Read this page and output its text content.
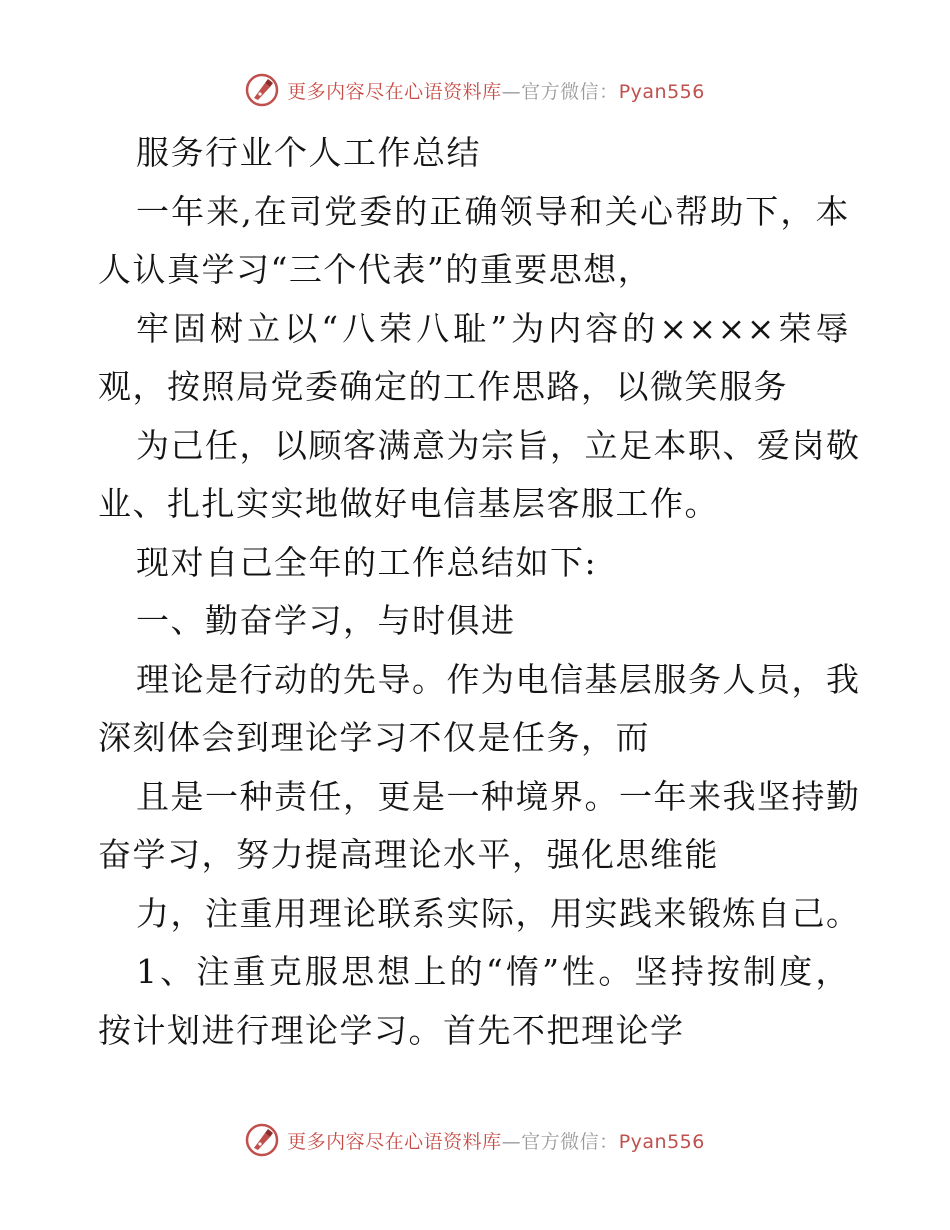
更多内容尽在心语资料库—官方微信：Pyan556
服务行业个人工作总结
一年来,在司党委的正确领导和关心帮助下，本
人认真学习“三个代表”的重要思想，
牢固树立以“八荣八耻”为内容的××××荣辱
观，按照局党委确定的工作思路，以微笑服务
为己任，以顾客满意为宗旨，立足本职、爱岗敬
业、扎扎实实地做好电信基层客服工作。
现对自己全年的工作总结如下:
一、勤奋学习，与时俱进
理论是行动的先导。作为电信基层服务人员，我
深刻体会到理论学习不仅是任务，而
且是一种责任，更是一种境界。一年来我坚持勤
奋学习，努力提高理论水平，强化思维能
力，注重用理论联系实际，用实践来锻炼自己。
1、注重克服思想上的“惰”性。坚持按制度，
按计划进行理论学习。首先不把理论学
更多内容尽在心语资料库—官方微信：Pyan556
